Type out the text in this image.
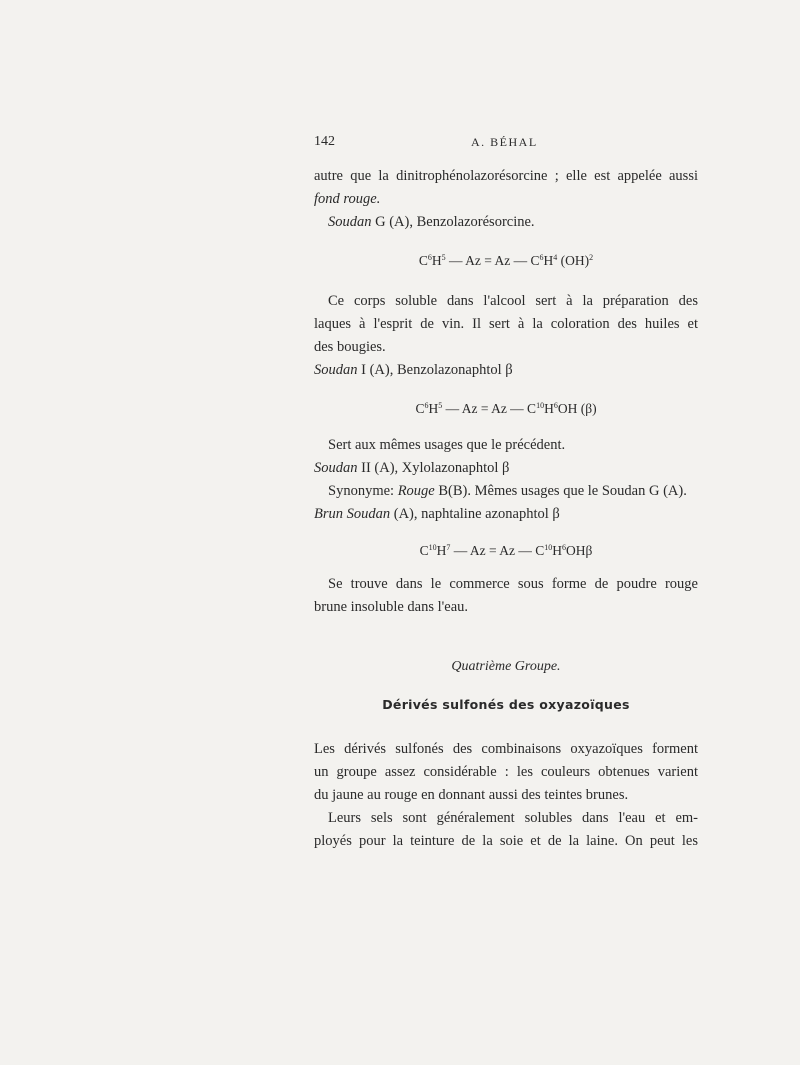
142	A. BÉHAL
autre que la dinitrophénolazorésorcine ; elle est appelée aussi
fond rouge.
Soudan G (A), Benzolazorésorcine.
$C^6H^5$ — Az = Az — $C^6H^4$ (OH)$^2$
Ce corps soluble dans l'alcool sert à la préparation des
laques à l'esprit de vin. Il sert à la coloration des huiles et
des bougies.
Soudan I (A), Benzolazonaphtol β
$C^6H^5$ — Az = Az — $C^{10}H^6OH$ (β)
Sert aux mêmes usages que le précédent.
Soudan II (A), Xylolazonaphtol β
Synonyme: Rouge B(B). Mêmes usages que le Soudan G (A).
Brun Soudan (A), naphtaline azonaphtol β
$C^{10}H^7$ — Az = Az — $C^{10}H^6OH\beta$
Se trouve dans le commerce sous forme de poudre rouge
brune insoluble dans l'eau.
Quatrième Groupe.
Dérivés sulfonés des oxyazoïques
Les dérivés sulfonés des combinaisons oxyazoïques forment
un groupe assez considérable : les couleurs obtenues varient
du jaune au rouge en donnant aussi des teintes brunes.
Leurs sels sont généralement solubles dans l'eau et em-
ployés pour la teinture de la soie et de la laine. On peut les
